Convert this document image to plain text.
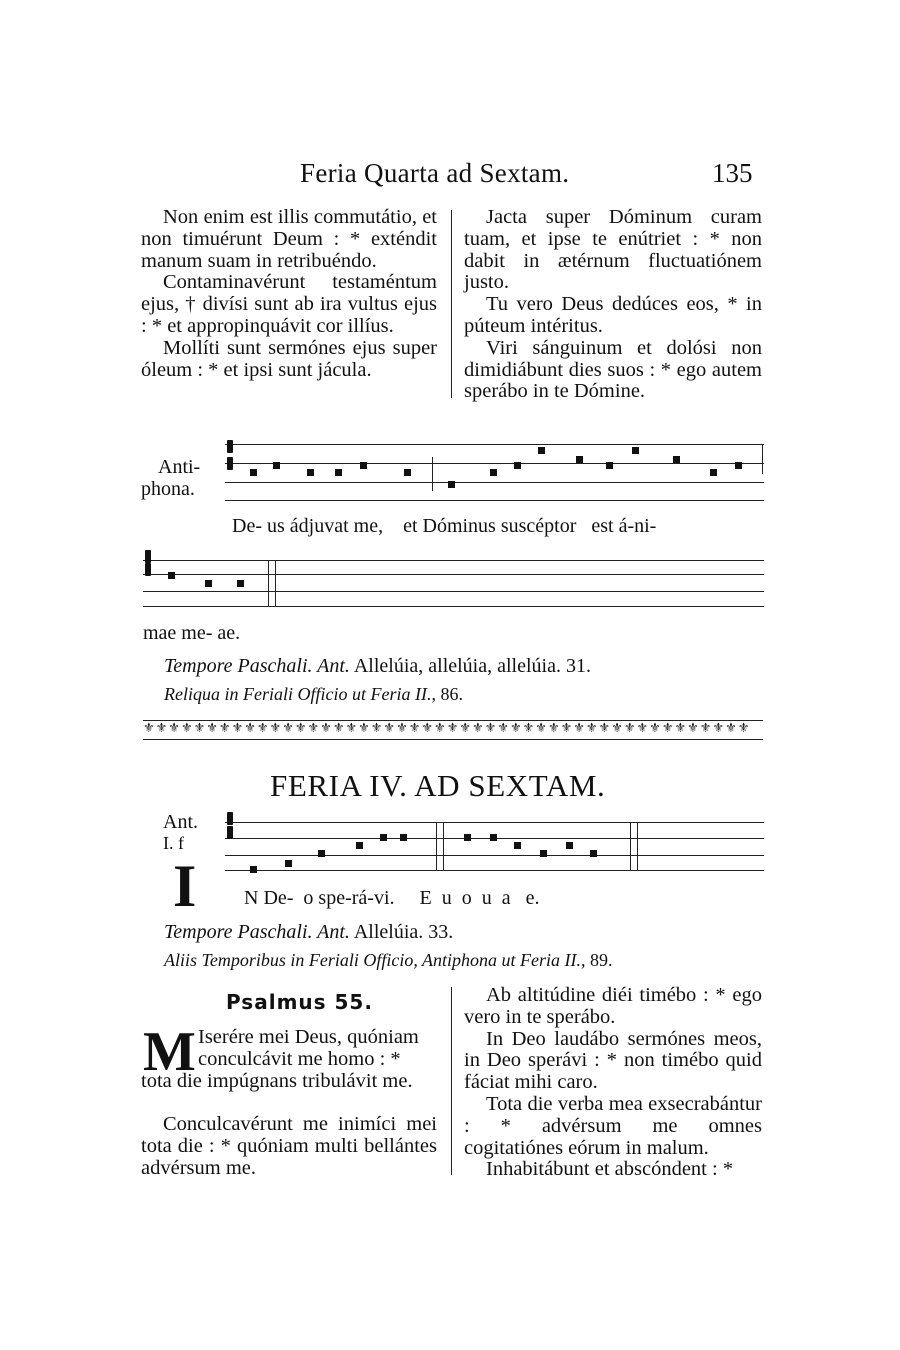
Feria Quarta ad Sextam.	135

Non enim est illis commutátio, et non timuérunt Deum : * exténdit manum suam in retribuéndo.

Contaminavérunt testaméntum ejus, † divísi sunt ab ira vultus ejus : * et appropinquávit cor illíus.

Mollíti sunt sermónes ejus super óleum : * et ipsi sunt jácula.

Jacta super Dóminum curam tuam, et ipse te enútriet : * non dabit in ætérnum fluctuatiónem justo.

Tu vero Deus dedúces eos, * in púteum intéritus.

Viri sánguinum et dolósi non dimidiábunt dies suos : * ego autem sperábo in te Dómine.

Anti-
phona.
De- us ádjuvat me,    et Dóminus suscéptor   est á-ni-
mae me- ae.
Tempore Paschali. Ant. Allelúia, allelúia, allelúia. 31.
Reliqua in Feriali Officio ut Feria II., 86.
⚜⚜⚜⚜⚜⚜⚜⚜⚜⚜⚜⚜⚜⚜⚜⚜⚜⚜⚜⚜⚜⚜⚜⚜⚜⚜⚜⚜⚜⚜⚜⚜⚜⚜⚜⚜⚜⚜⚜⚜⚜⚜⚜⚜⚜⚜⚜⚜
FERIA IV. AD SEXTAM.
Ant.
I. f
I N De-  o spe-rá-vi.     E  u  o  u  a   e.
Tempore Paschali. Ant. Allelúia. 33.
Aliis Temporibus in Feriali Officio, Antiphona ut Feria II., 89.
Psalmus 55.
M Iserére mei Deus, quóniam
conculcávit me homo : *
tota die impúgnans tribulávit me.

Conculcavérunt me inimíci mei tota die : * quóniam multi bellántes advérsum me.

Ab altitúdine diéi timébo : * ego vero in te sperábo.

In Deo laudábo sermónes meos, in Deo sperávi : * non timébo quid fáciat mihi caro.

Tota die verba mea exsecrabántur : * advérsum me omnes cogitatiónes eórum in malum.

Inhabitábunt et abscóndent : *
